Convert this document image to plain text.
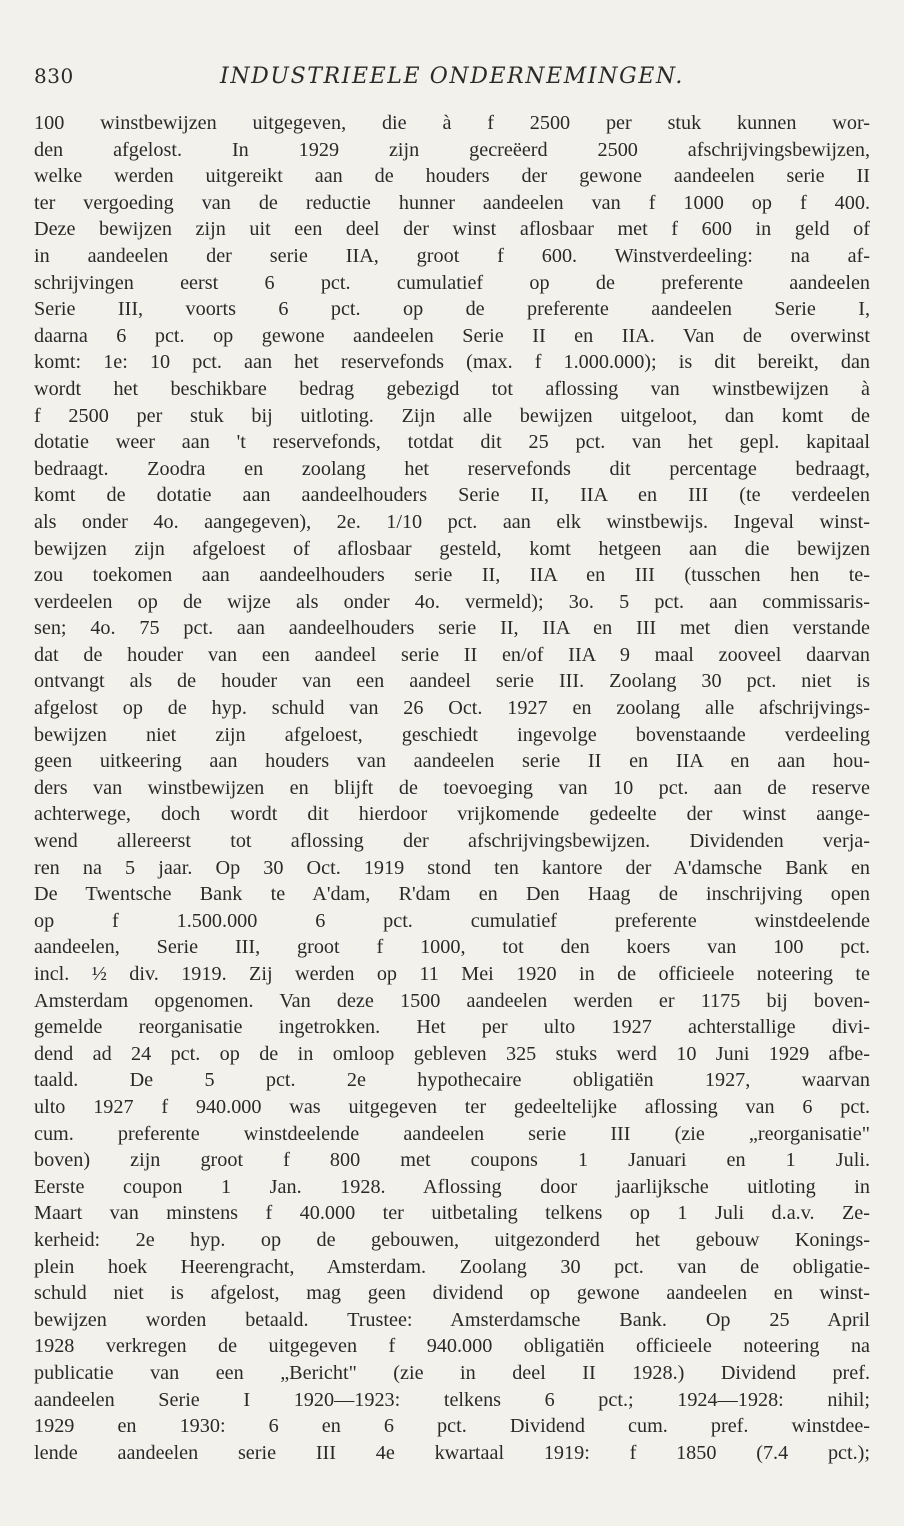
830	INDUSTRIEELE ONDERNEMINGEN.
100 winstbewijzen uitgegeven, die à f 2500 per stuk kunnen wor-
den afgelost. In 1929 zijn gecreëerd 2500 afschrijvingsbewijzen,
welke werden uitgereikt aan de houders der gewone aandeelen serie II
ter vergoeding van de reductie hunner aandeelen van f 1000 op f 400.
Deze bewijzen zijn uit een deel der winst aflosbaar met f 600 in geld of
in aandeelen der serie IIA, groot f 600. Winstverdeeling: na af-
schrijvingen eerst 6 pct. cumulatief op de preferente aandeelen
Serie III, voorts 6 pct. op de preferente aandeelen Serie I,
daarna 6 pct. op gewone aandeelen Serie II en IIA. Van de overwinst
komt: 1e: 10 pct. aan het reservefonds (max. f 1.000.000); is dit bereikt, dan
wordt het beschikbare bedrag gebezigd tot aflossing van winstbewijzen à
f 2500 per stuk bij uitloting. Zijn alle bewijzen uitgeloot, dan komt de
dotatie weer aan 't reservefonds, totdat dit 25 pct. van het gepl. kapitaal
bedraagt. Zoodra en zoolang het reservefonds dit percentage bedraagt,
komt de dotatie aan aandeelhouders Serie II, IIA en III (te verdeelen
als onder 4o. aangegeven), 2e. 1/10 pct. aan elk winstbewijs. Ingeval winst-
bewijzen zijn afgeloest of aflosbaar gesteld, komt hetgeen aan die bewijzen
zou toekomen aan aandeelhouders serie II, IIA en III (tusschen hen te-
verdeelen op de wijze als onder 4o. vermeld); 3o. 5 pct. aan commissaris-
sen; 4o. 75 pct. aan aandeelhouders serie II, IIA en III met dien verstande
dat de houder van een aandeel serie II en/of IIA 9 maal zooveel daarvan
ontvangt als de houder van een aandeel serie III. Zoolang 30 pct. niet is
afgelost op de hyp. schuld van 26 Oct. 1927 en zoolang alle afschrijvings-
bewijzen niet zijn afgeloest, geschiedt ingevolge bovenstaande verdeeling
geen uitkeering aan houders van aandeelen serie II en IIA en aan hou-
ders van winstbewijzen en blijft de toevoeging van 10 pct. aan de reserve
achterwege, doch wordt dit hierdoor vrijkomende gedeelte der winst aange-
wend allereerst tot aflossing der afschrijvingsbewijzen. Dividenden verja-
ren na 5 jaar. Op 30 Oct. 1919 stond ten kantore der A'damsche Bank en
De Twentsche Bank te A'dam, R'dam en Den Haag de inschrijving open
op f 1.500.000 6 pct. cumulatief preferente winstdeelende
aandeelen, Serie III, groot f 1000, tot den koers van 100 pct.
incl. ½ div. 1919. Zij werden op 11 Mei 1920 in de officieele noteering te
Amsterdam opgenomen. Van deze 1500 aandeelen werden er 1175 bij boven-
gemelde reorganisatie ingetrokken. Het per ulto 1927 achterstallige divi-
dend ad 24 pct. op de in omloop gebleven 325 stuks werd 10 Juni 1929 afbe-
taald. De 5 pct. 2e hypothecaire obligatiën 1927, waarvan
ulto 1927 f 940.000 was uitgegeven ter gedeeltelijke aflossing van 6 pct.
cum. preferente winstdeelende aandeelen serie III (zie „reorganisatie"
boven) zijn groot f 800 met coupons 1 Januari en 1 Juli.
Eerste coupon 1 Jan. 1928. Aflossing door jaarlijksche uitloting in
Maart van minstens f 40.000 ter uitbetaling telkens op 1 Juli d.a.v. Ze-
kerheid: 2e hyp. op de gebouwen, uitgezonderd het gebouw Konings-
plein hoek Heerengracht, Amsterdam. Zoolang 30 pct. van de obligatie-
schuld niet is afgelost, mag geen dividend op gewone aandeelen en winst-
bewijzen worden betaald. Trustee: Amsterdamsche Bank. Op 25 April
1928 verkregen de uitgegeven f 940.000 obligatiën officieele noteering na
publicatie van een „Bericht" (zie in deel II 1928.) Dividend pref.
aandeelen Serie I 1920—1923: telkens 6 pct.; 1924—1928: nihil;
1929 en 1930: 6 en 6 pct. Dividend cum. pref. winstdee-
lende aandeelen serie III 4e kwartaal 1919: f 1850 (7.4 pct.);
